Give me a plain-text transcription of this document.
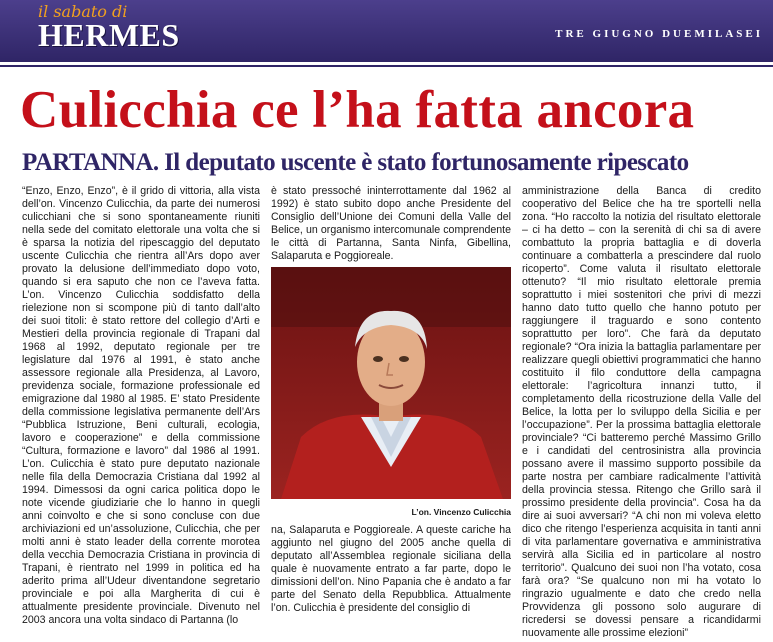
il sabato di
HERMES	TRE GIUGNO DUEMILASEI
Culicchia ce l’ha fatta ancora
PARTANNA. Il deputato uscente è stato fortunosamente ripescato
“Enzo, Enzo, Enzo”, è il grido di vittoria, alla vista dell’on. Vincenzo Culicchia, da parte dei numerosi culicchiani che si sono spontaneamente riuniti nella sede del comitato elettorale una volta che si è sparsa la notizia del ripescaggio del deputato uscente Culicchia che rientra all’Ars dopo aver provato la delusione dell’immediato dopo voto, quando si era saputo che non ce l’aveva fatta. L’on. Vincenzo Culicchia soddisfatto della rielezione non si scompone più di tanto dall’alto dei suoi titoli: è stato rettore del collegio d’Arti e Mestieri della provincia regionale di Trapani dal 1968 al 1992, deputato regionale per tre legislature dal 1976 al 1991, è stato anche assessore regionale alla Presidenza, al Lavoro, previdenza sociale, formazione professionale ed emigrazione dal 1980 al 1985. E’ stato Presidente della commissione legislativa permanente dell’Ars “Pubblica Istruzione, Beni culturali, ecologia, lavoro e cooperazione” e della commissione “Cultura, formazione e lavoro” dal 1986 al 1991. L’on. Culicchia è stato pure deputato nazionale nelle fila della Democrazia Cristiana dal 1992 al 1994. Dimessosi da ogni carica politica dopo le note vicende giudiziarie che lo hanno in quegli anni coinvolto e che si sono concluse con due archiviazioni ed un’assoluzione, Culicchia, che per molti anni è stato leader della corrente morotea della vecchia Democrazia Cristiana in provincia di Trapani, è rientrato nel 1999 in politica ed ha aderito prima all’Udeur diventandone segretario provinciale e poi alla Margherita di cui è attualmente presidente provinciale. Divenuto nel 2003 ancora una volta sindaco di Partanna (lo
è stato pressoché ininterrottamente dal 1962 al 1992) è stato subito dopo anche Presidente del Consiglio dell’Unione dei Comuni della Valle del Belice, un organismo intercomunale comprendente le città di Partanna, Santa Ninfa, Gibellina, Salaparuta e Poggioreale.
na, Salaparuta e Poggioreale. A queste cariche ha aggiunto nel giugno del 2005 anche quella di deputato all’Assemblea regionale siciliana della quale è nuovamente entrato a far parte, dopo le dimissioni dell’on. Nino Papania che è andato a far parte del Senato della Repubblica. Attualmente l’on. Culicchia è presidente del consiglio di
amministrazione della Banca di credito cooperativo del Belice che ha tre sportelli nella zona. “Ho raccolto la notizia del risultato elettorale – ci ha detto – con la serenità di chi sa di avere combattuto la propria battaglia e di doverla continuare a combatterla a prescindere dal ruolo ricoperto”. Come valuta il risultato elettorale ottenuto? “Il mio risultato elettorale premia soprattutto i miei sostenitori che privi di mezzi hanno dato tutto quello che hanno potuto per raggiungere il traguardo e sono contento soprattutto per loro”. Che farà da deputato regionale? “Ora inizia la battaglia parlamentare per realizzare quegli obiettivi programmatici che hanno costituito il filo conduttore della campagna elettorale: l’agricoltura innanzi tutto, il completamento della ricostruzione della Valle del Belice, la lotta per lo sviluppo della Sicilia e per l’occupazione”. Per la prossima battaglia elettorale provinciale? “Ci batteremo perché Massimo Grillo e i candidati del centrosinistra alla provincia possano avere il massimo supporto possibile da parte nostra per cambiare radicalmente l’attività della provincia stessa. Ritengo che Grillo sarà il prossimo presidente della provincia”. Cosa ha da dire ai suoi avversari? “A chi non mi voleva eletto dico che ritengo l’esperienza acquisita in tanti anni di vita parlamentare governativa e amministrativa servirà alla Sicilia ed in particolare al nostro territorio”. Qualcuno dei suoi non l’ha votato, cosa farà ora? “Se qualcuno non mi ha votato lo ringrazio ugualmente e dato che credo nella Provvidenza gli possono solo augurare di ricredersi se dovessi pensare a ricandidarmi nuovamente alle prossime elezioni”
L’on. Vincenzo Culicchia
